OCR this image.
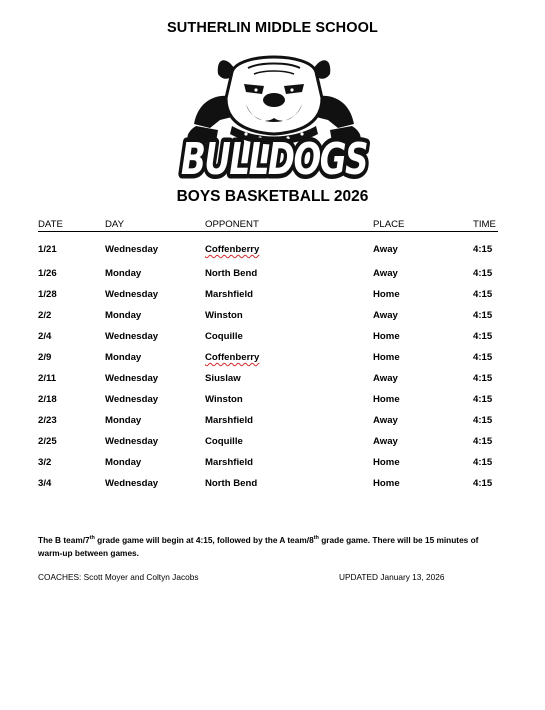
SUTHERLIN MIDDLE SCHOOL
BULLDOGS
BOYS BASKETBALL 2026
DATE	DAY	OPPONENT	PLACE	TIME
1/21	Wednesday	Coffenberry	Away	4:15
1/26	Monday	North Bend	Away	4:15
1/28	Wednesday	Marshfield	Home	4:15
2/2	Monday	Winston	Away	4:15
2/4	Wednesday	Coquille	Home	4:15
2/9	Monday	Coffenberry	Home	4:15
2/11	Wednesday	Siuslaw	Away	4:15
2/18	Wednesday	Winston	Home	4:15
2/23	Monday	Marshfield	Away	4:15
2/25	Wednesday	Coquille	Away	4:15
3/2	Monday	Marshfield	Home	4:15
3/4	Wednesday	North Bend	Home	4:15
The B team/7th grade game will begin at 4:15, followed by the A team/8th grade game. There will be 15 minutes of warm-up between games.
COACHES: Scott Moyer and Coltyn Jacobs	UPDATED January 13, 2026
